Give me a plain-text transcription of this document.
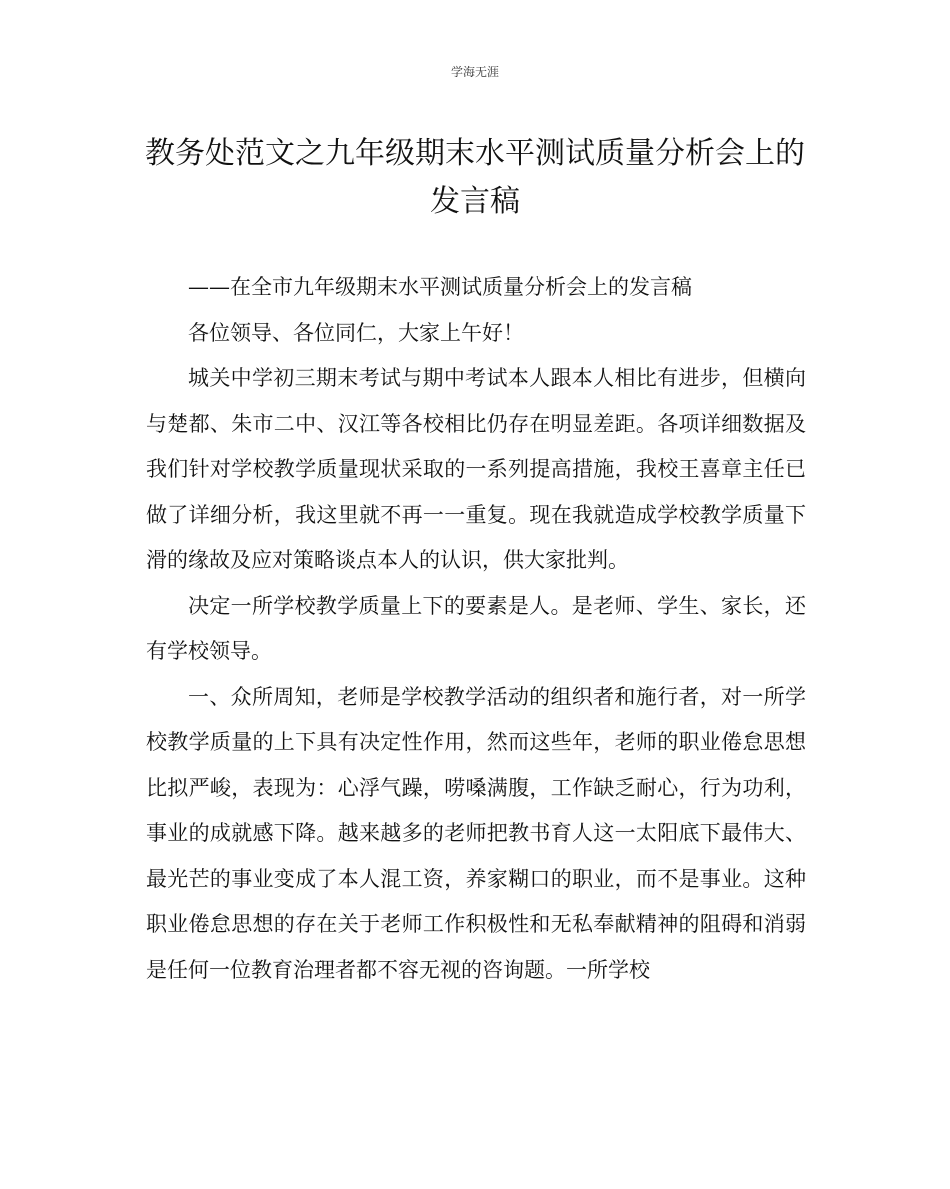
学海无涯
教务处范文之九年级期末水平测试质量分析会上的发言稿

——在全市九年级期末水平测试质量分析会上的发言稿

各位领导、各位同仁，大家上午好！

城关中学初三期末考试与期中考试本人跟本人相比有进步，但横向与楚都、朱市二中、汉江等各校相比仍存在明显差距。各项详细数据及我们针对学校教学质量现状采取的一系列提高措施，我校王喜章主任已做了详细分析，我这里就不再一一重复。现在我就造成学校教学质量下滑的缘故及应对策略谈点本人的认识，供大家批判。

决定一所学校教学质量上下的要素是人。是老师、学生、家长，还有学校领导。

一、众所周知，老师是学校教学活动的组织者和施行者，对一所学校教学质量的上下具有决定性作用，然而这些年，老师的职业倦怠思想比拟严峻，表现为：心浮气躁，唠嗓满腹，工作缺乏耐心，行为功利，事业的成就感下降。越来越多的老师把教书育人这一太阳底下最伟大、最光芒的事业变成了本人混工资，养家糊口的职业，而不是事业。这种职业倦怠思想的存在关于老师工作积极性和无私奉献精神的阻碍和消弱是任何一位教育治理者都不容无视的咨询题。一所学校
